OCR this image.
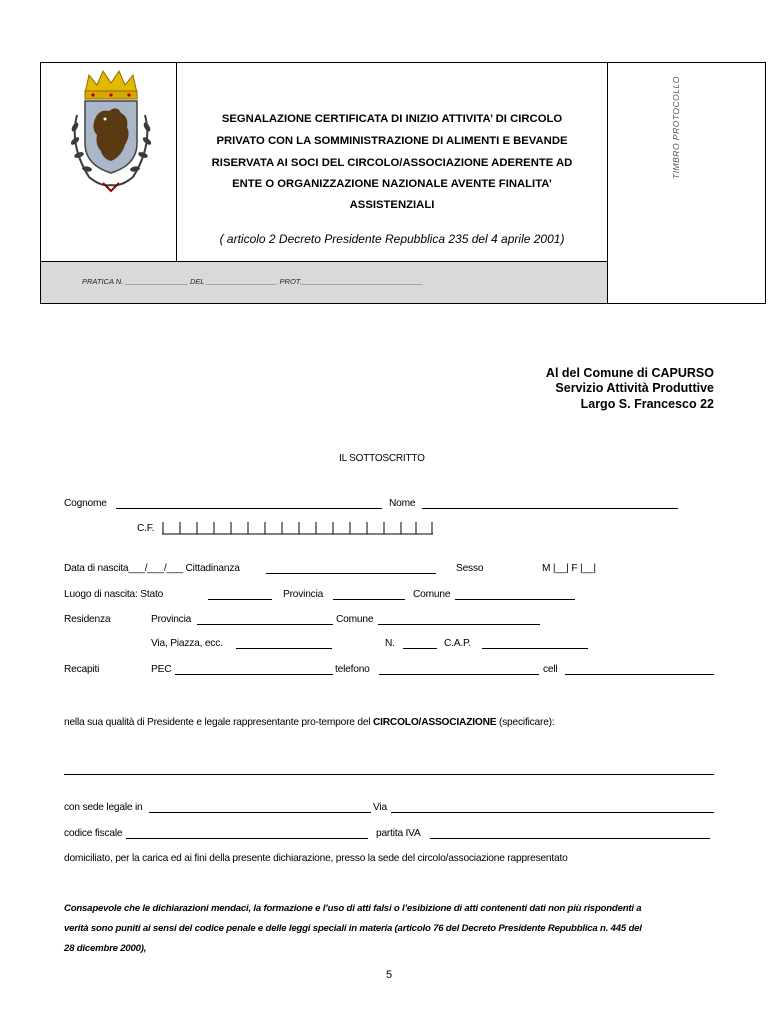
SEGNALAZIONE CERTIFICATA DI INIZIO ATTIVITA’ DI CIRCOLO
PRIVATO CON LA SOMMINISTRAZIONE DI ALIMENTI E BEVANDE
RISERVATA AI SOCI DEL CIRCOLO/ASSOCIAZIONE ADERENTE AD
ENTE O ORGANIZZAZIONE NAZIONALE AVENTE FINALITA’
ASSISTENZIALI
( articolo 2 Decreto Presidente Repubblica 235 del 4 aprile 2001)
TIMBRO PROTOCOLLO
PRATICA N. _______________ DEL _________________ PROT._____________________________
Al del Comune di CAPURSO
Servizio Attività Produttive
Largo S. Francesco 22
IL SOTTOSCRITTO
Cognome	Nome
C.F.
Data di nascita___/___/___ Cittadinanza	Sesso	M |__| F |__|
Luogo di nascita: Stato	Provincia	Comune
Residenza	Provincia	Comune
Via, Piazza, ecc.	N.	C.A.P.
Recapiti	PEC	telefono	cell
nella sua qualità di Presidente e legale rappresentante pro-tempore del CIRCOLO/ASSOCIAZIONE (specificare):
con sede legale in	Via
codice fiscale	partita IVA
domiciliato, per la carica ed ai fini della presente dichiarazione, presso la sede del circolo/associazione rappresentato
Consapevole che le dichiarazioni mendaci, la formazione e l’uso di atti falsi o l’esibizione di atti contenenti dati non più rispondenti a
verità sono puniti ai sensi del codice penale e delle leggi speciali in materia (articolo 76 del Decreto Presidente Repubblica n. 445 del
28 dicembre 2000),
5
